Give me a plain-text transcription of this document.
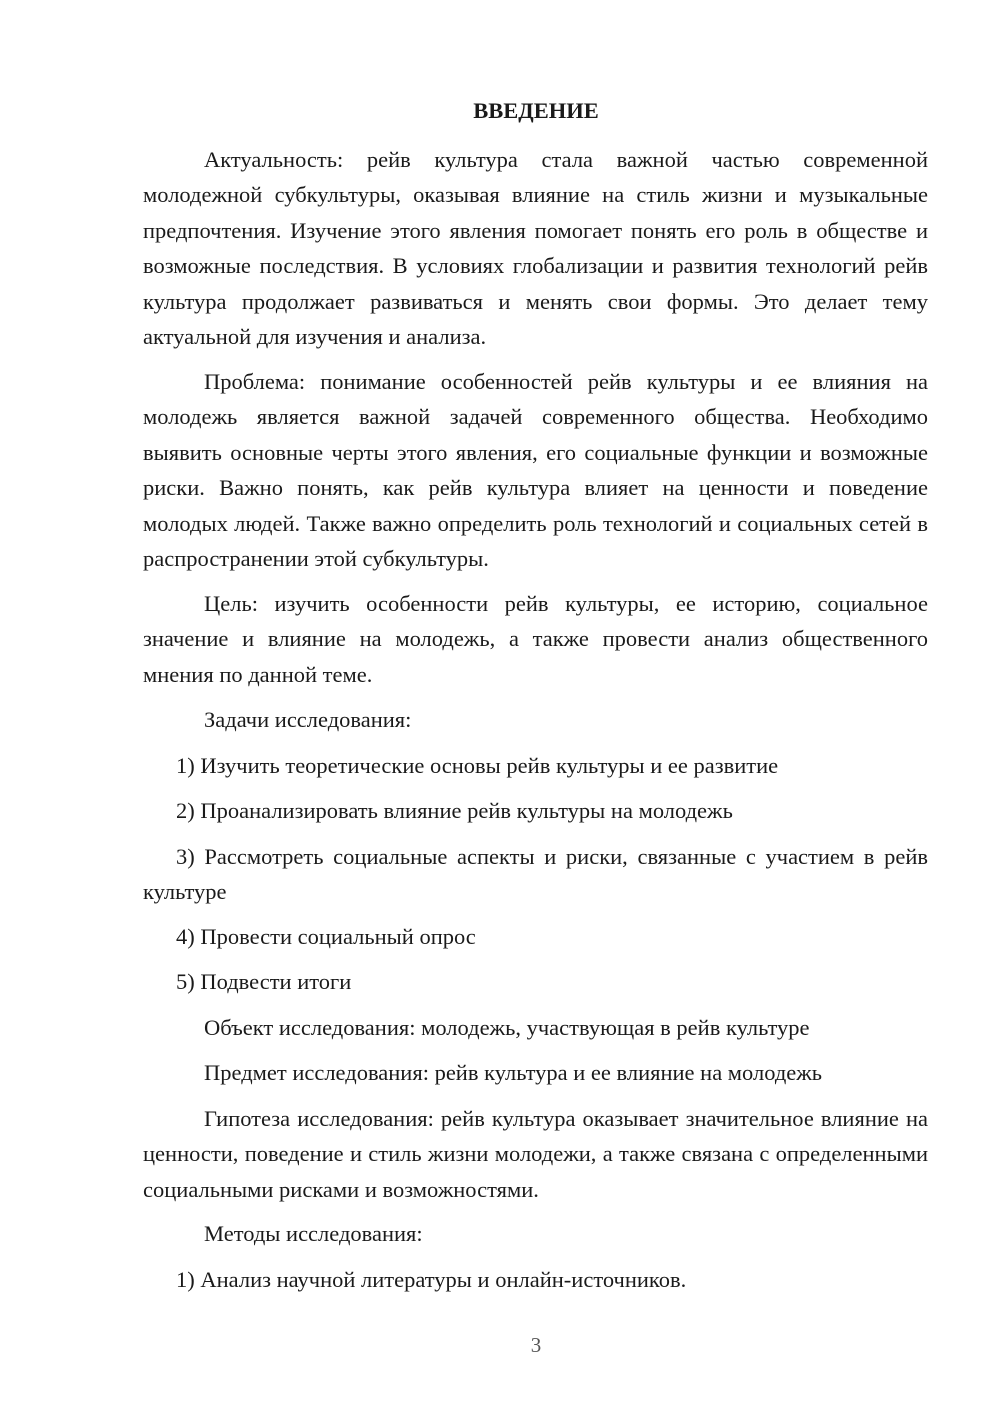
ВВЕДЕНИЕ

Актуальность: рейв культура стала важной частью современной молодежной субкультуры, оказывая влияние на стиль жизни и музыкальные предпочтения. Изучение этого явления помогает понять его роль в обществе и возможные последствия. В условиях глобализации и развития технологий рейв культура продолжает развиваться и менять свои формы. Это делает тему актуальной для изучения и анализа.

Проблема: понимание особенностей рейв культуры и ее влияния на молодежь является важной задачей современного общества. Необходимо выявить основные черты этого явления, его социальные функции и возможные риски. Важно понять, как рейв культура влияет на ценности и поведение молодых людей. Также важно определить роль технологий и социальных сетей в распространении этой субкультуры.

Цель: изучить особенности рейв культуры, ее историю, социальное значение и влияние на молодежь, а также провести анализ общественного мнения по данной теме.

Задачи исследования:

1) Изучить теоретические основы рейв культуры и ее развитие

2) Проанализировать влияние рейв культуры на молодежь

3) Рассмотреть социальные аспекты и риски, связанные с участием в рейв культуре

4) Провести социальный опрос

5) Подвести итоги

Объект исследования: молодежь, участвующая в рейв культуре

Предмет исследования: рейв культура и ее влияние на молодежь

Гипотеза исследования: рейв культура оказывает значительное влияние на ценности, поведение и стиль жизни молодежи, а также связана с определенными социальными рисками и возможностями.

Методы исследования:

1) Анализ научной литературы и онлайн-источников.

3
